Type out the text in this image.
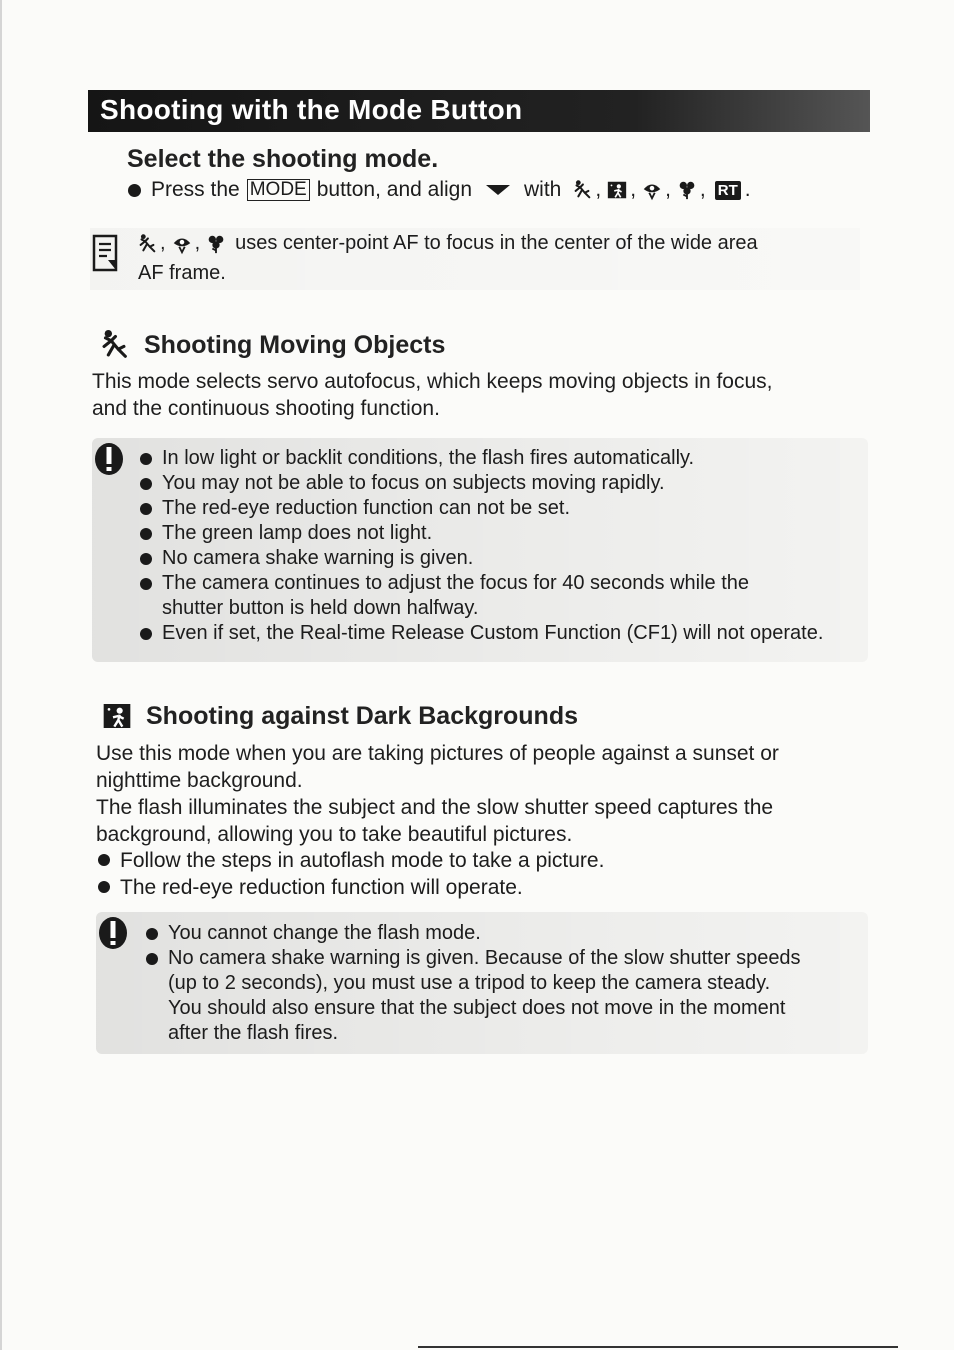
Shooting with the Mode Button
Select the shooting mode.
Press the MODE button, and align with , , , , RT .
, , uses center-point AF to focus in the center of the wide area
AF frame.
Shooting Moving Objects
This mode selects servo autofocus, which keeps moving objects in focus,
and the continuous shooting function.
In low light or backlit conditions, the flash fires automatically.
You may not be able to focus on subjects moving rapidly.
The red-eye reduction function can not be set.
The green lamp does not light.
No camera shake warning is given.
The camera continues to adjust the focus for 40 seconds while the
shutter button is held down halfway.
Even if set, the Real-time Release Custom Function (CF1) will not operate.
Shooting against Dark Backgrounds
Use this mode when you are taking pictures of people against a sunset or
nighttime background.
The flash illuminates the subject and the slow shutter speed captures the
background, allowing you to take beautiful pictures.
Follow the steps in autoflash mode to take a picture.
The red-eye reduction function will operate.
You cannot change the flash mode.
No camera shake warning is given. Because of the slow shutter speeds
(up to 2 seconds), you must use a tripod to keep the camera steady.
You should also ensure that the subject does not move in the moment
after the flash fires.
